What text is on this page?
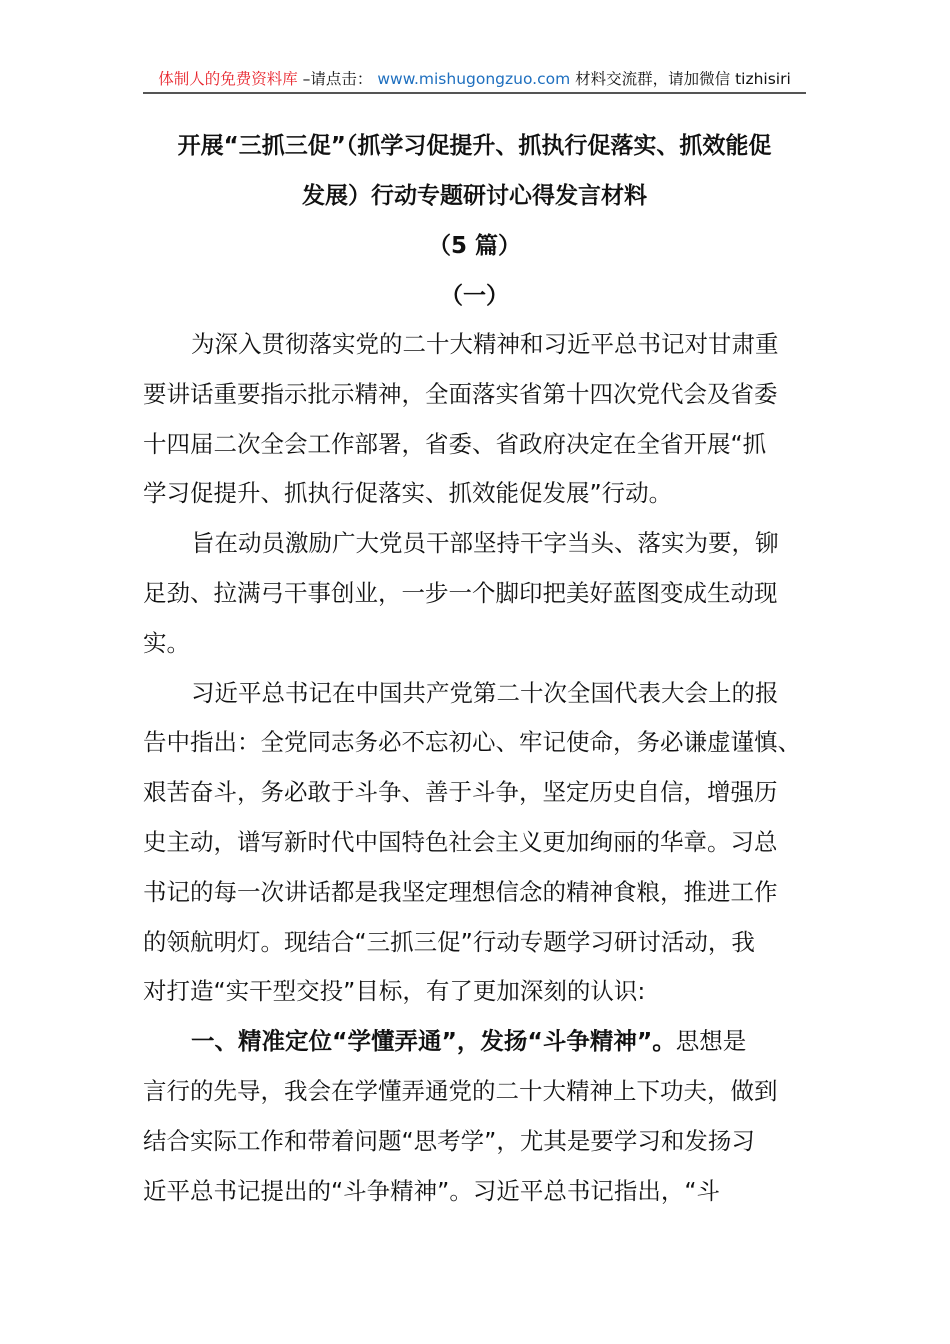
体制人的免费资料库 –请点击： www.mishugongzuo.com 材料交流群，请加微信 tizhisiri
开展“三抓三促”（抓学习促提升、抓执行促落实、抓效能促
发展）行动专题研讨心得发言材料
（5 篇）
（一）
为深入贯彻落实党的二十大精神和习近平总书记对甘肃重
要讲话重要指示批示精神，全面落实省第十四次党代会及省委
十四届二次全会工作部署，省委、省政府决定在全省开展“抓
学习促提升、抓执行促落实、抓效能促发展”行动。
旨在动员激励广大党员干部坚持干字当头、落实为要，铆
足劲、拉满弓干事创业，一步一个脚印把美好蓝图变成生动现
实。
习近平总书记在中国共产党第二十次全国代表大会上的报
告中指出：全党同志务必不忘初心、牢记使命，务必谦虚谨慎、
艰苦奋斗，务必敢于斗争、善于斗争，坚定历史自信，增强历
史主动，谱写新时代中国特色社会主义更加绚丽的华章。习总
书记的每一次讲话都是我坚定理想信念的精神食粮，推进工作
的领航明灯。现结合“三抓三促”行动专题学习研讨活动，我
对打造“实干型交投”目标，有了更加深刻的认识:
一、精准定位“学懂弄通”，发扬“斗争精神”。思想是
言行的先导，我会在学懂弄通党的二十大精神上下功夫，做到
结合实际工作和带着问题“思考学”，尤其是要学习和发扬习
近平总书记提出的“斗争精神”。习近平总书记指出，“斗
